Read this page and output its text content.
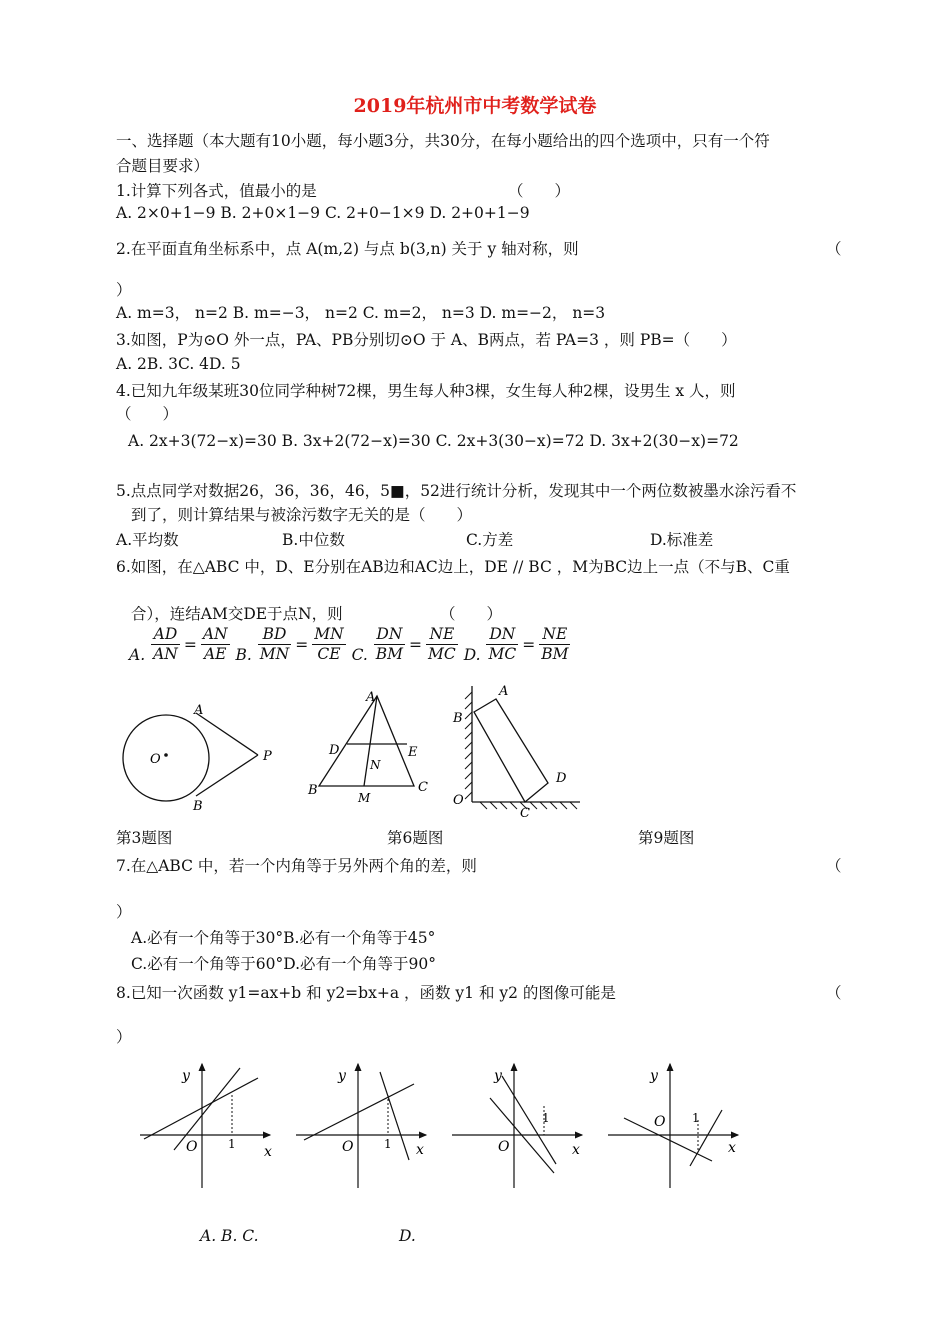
2019年杭州市中考数学试卷
一、选择题（本大题有10小题，每小题3分，共30分，在每小题给出的四个选项中，只有一个符
合题目要求）
1.计算下列各式，值最小的是	（　　）
A. 2×0+1−9 B. 2+0×1−9 C. 2+0−1×9 D. 2+0+1−9
2.在平面直角坐标系中，点 A(m,2) 与点 b(3,n) 关于 y 轴对称，则	（
）
A. m=3， n=2 B. m=−3， n=2 C. m=2， n=3 D. m=−2， n=3
3.如图，P为⊙O 外一点，PA、PB分别切⊙O 于 A、B两点，若 PA=3 ，则 PB=（　　）
A. 2B. 3C. 4D. 5
4.已知九年级某班30位同学种树72棵，男生每人种3棵，女生每人种2棵，设男生 x 人，则
（　　）
A. 2x+3(72−x)=30 B. 3x+2(72−x)=30 C. 2x+3(30−x)=72 D. 3x+2(30−x)=72
5.点点同学对数据26，36，36，46，5■，52进行统计分析，发现其中一个两位数被墨水涂污看不
到了，则计算结果与被涂污数字无关的是（　　）
A.平均数	B.中位数	C.方差	D.标准差
6.如图，在△ABC 中，D、E分别在AB边和AC边上，DE // BC ，M为BC边上一点（不与B、C重
合），连结AM交DE于点N，则	（　　）
A. $\frac{AD}{AN} = \frac{AN}{AE} B$. $\frac{BD}{MN} = \frac{MN}{CE} C$. $\frac{DN}{BM} = \frac{NE}{MC} D$. $\frac{DN}{MC} = \frac{NE}{BM}$
A
B
O	P
A
B	C
D	E
N
M
A
B
C
D
O
第3题图	第6题图	第9题图
7.在△ABC 中，若一个内角等于另外两个角的差，则	（
）
A.必有一个角等于30°B.必有一个角等于45°
C.必有一个角等于60°D.必有一个角等于90°
8.已知一次函数 y1=ax+b 和 y2=bx+a ，函数 y1 和 y2 的图像可能是	（
）
y
O	1 x
y
O	1 x
y
O
1
x
y
O 1
x
A. B. C.	D.
